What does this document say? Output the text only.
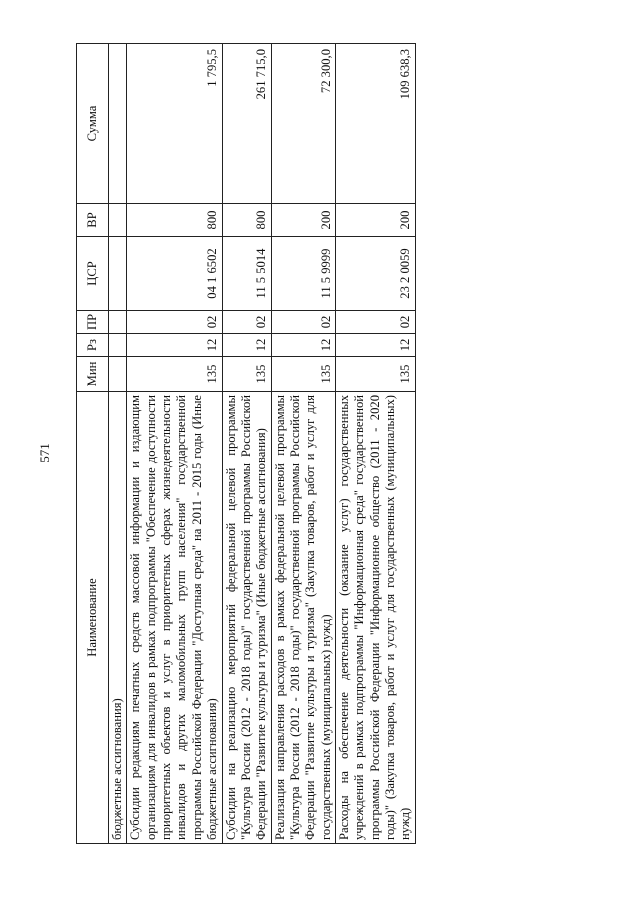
571
Наименование	Мин	Рз	ПР	ЦСР	ВР	Сумма
бюджетные ассигнования)						
Субсидии редакциям печатных средств массовой информации и издающим организациям для инвалидов в рамках подпрограммы "Обеспечение доступности приоритетных объектов и услуг в приоритетных сферах жизнедеятельности инвалидов и других маломобильных групп населения" государственной программы Российской Федерации "Доступная среда" на 2011 - 2015 годы (Иные бюджетные ассигнования)	135	12	02	04 1 6502	800	1 795,5
Субсидии на реализацию мероприятий федеральной целевой программы "Культура России (2012 - 2018 годы)" государственной программы Российской Федерации "Развитие культуры и туризма" (Иные бюджетные ассигнования)	135	12	02	11 5 5014	800	261 715,0
Реализация направления расходов в рамках федеральной целевой программы "Культура России (2012 - 2018 годы)" государственной программы Российской Федерации "Развитие культуры и туризма" (Закупка товаров, работ и услуг для государственных (муниципальных) нужд)	135	12	02	11 5 9999	200	72 300,0
Расходы на обеспечение деятельности (оказание услуг) государственных учреждений в рамках подпрограммы "Информационная среда" государственной программы Российской Федерации "Информационное общество (2011 - 2020 годы)" (Закупка товаров, работ и услуг для государственных (муниципальных) нужд)	135	12	02	23 2 0059	200	109 638,3
